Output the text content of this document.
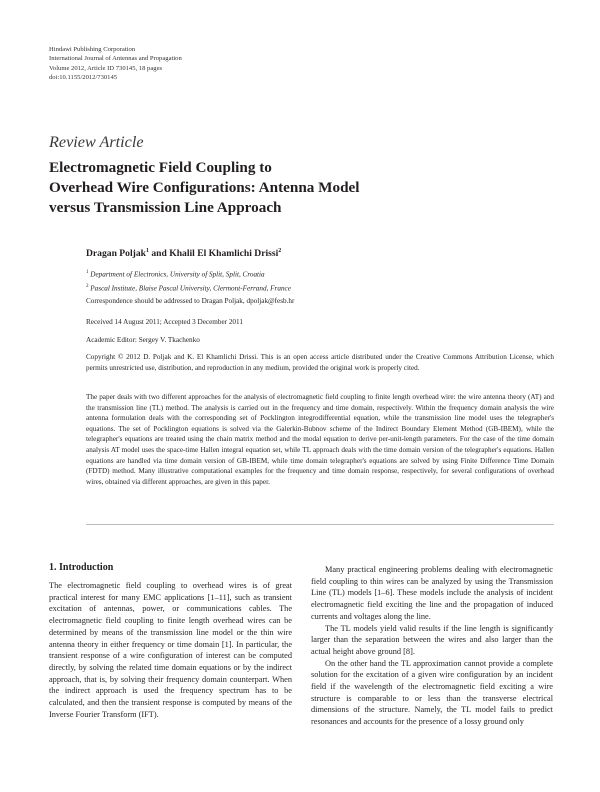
Hindawi Publishing Corporation
International Journal of Antennas and Propagation
Volume 2012, Article ID 730145, 18 pages
doi:10.1155/2012/730145
Review Article
Electromagnetic Field Coupling to
Overhead Wire Configurations: Antenna Model
versus Transmission Line Approach
Dragan Poljak$^1$ and Khalil El Khamlichi Drissi$^2$
$^1$ Department of Electronics, University of Split, Split, Croatia
$^2$ Pascal Institute, Blaise Pascal University, Clermont-Ferrand, France
Correspondence should be addressed to Dragan Poljak, dpoljak@fesb.hr
Received 14 August 2011; Accepted 3 December 2011
Academic Editor: Sergey V. Tkachenko

Copyright © 2012 D. Poljak and K. El Khamlichi Drissi. This is an open access article distributed under the Creative Commons Attribution License, which permits unrestricted use, distribution, and reproduction in any medium, provided the original work is properly cited.

The paper deals with two different approaches for the analysis of electromagnetic field coupling to finite length overhead wire: the wire antenna theory (AT) and the transmission line (TL) method. The analysis is carried out in the frequency and time domain, respectively. Within the frequency domain analysis the wire antenna formulation deals with the corresponding set of Pocklington integrodifferential equation, while the transmission line model uses the telegrapher's equations. The set of Pocklington equations is solved via the Galerkin-Bubnov scheme of the Indirect Boundary Element Method (GB-IBEM), while the telegrapher's equations are treated using the chain matrix method and the modal equation to derive per-unit-length parameters. For the case of the time domain analysis AT model uses the space-time Hallen integral equation set, while TL approach deals with the time domain version of the telegrapher's equations. Hallen equations are handled via time domain version of GB-IBEM, while time domain telegrapher's equations are solved by using Finite Difference Time Domain (FDTD) method. Many illustrative computational examples for the frequency and time domain response, respectively, for several configurations of overhead wires, obtained via different approaches, are given in this paper.

1. Introduction

The electromagnetic field coupling to overhead wires is of great practical interest for many EMC applications [1–11], such as transient excitation of antennas, power, or communications cables. The electromagnetic field coupling to finite length overhead wires can be determined by means of the transmission line model or the thin wire antenna theory in either frequency or time domain [1]. In particular, the transient response of a wire configuration of interest can be computed directly, by solving the related time domain equations or by the indirect approach, that is, by solving their frequency domain counterpart. When the indirect approach is used the frequency spectrum has to be calculated, and then the transient response is computed by means of the Inverse Fourier Transform (IFT).

Many practical engineering problems dealing with electromagnetic field coupling to thin wires can be analyzed by using the Transmission Line (TL) models [1–6]. These models include the analysis of incident electromagnetic field exciting the line and the propagation of induced currents and voltages along the line.

The TL models yield valid results if the line length is significantly larger than the separation between the wires and also larger than the actual height above ground [8].

On the other hand the TL approximation cannot provide a complete solution for the excitation of a given wire configuration by an incident field if the wavelength of the electromagnetic field exciting a wire structure is comparable to or less than the transverse electrical dimensions of the structure. Namely, the TL model fails to predict resonances and accounts for the presence of a lossy ground only
